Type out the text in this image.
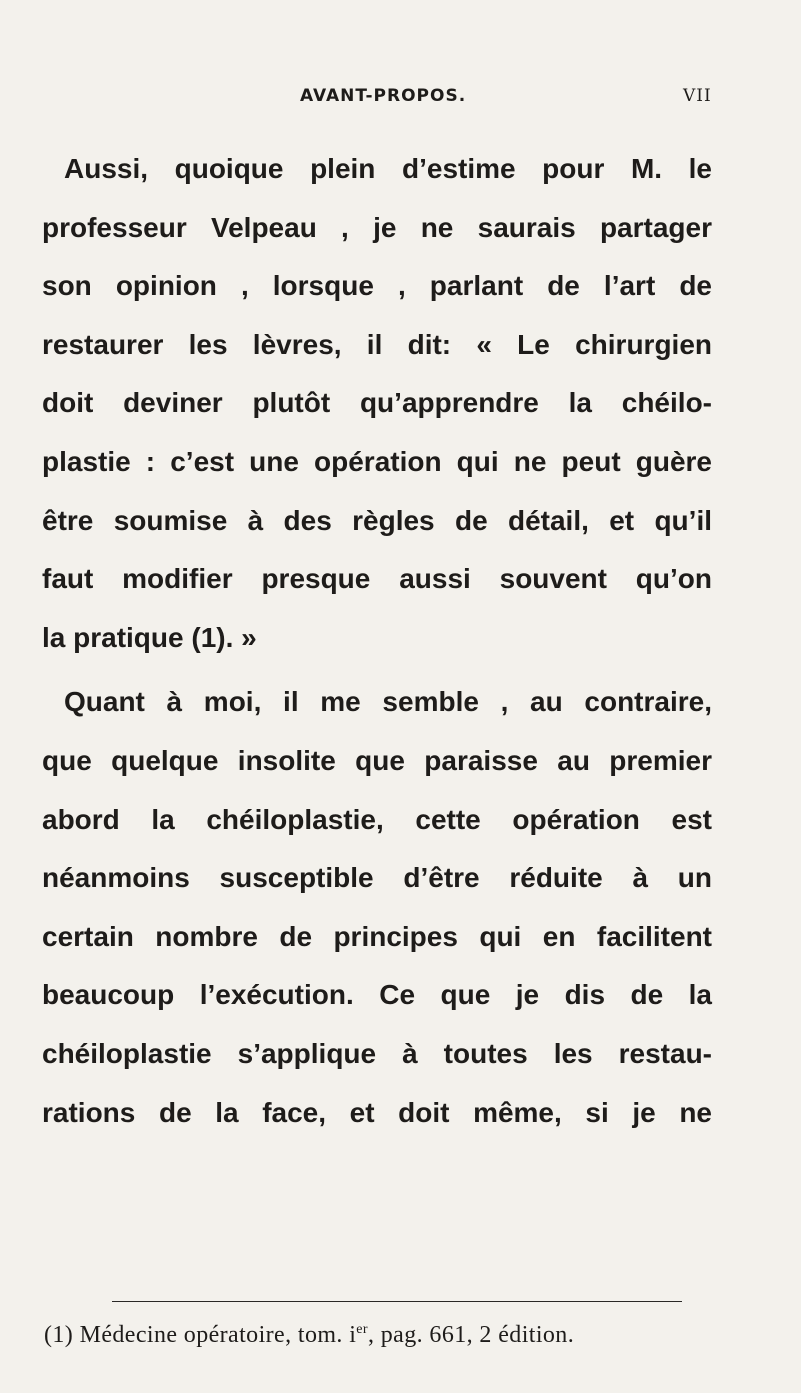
AVANT-PROPOS.	VII
Aussi, quoique plein d’estime pour M. le
professeur Velpeau , je ne saurais partager
son opinion , lorsque , parlant de l’art de
restaurer les lèvres, il dit: « Le chirurgien
doit deviner plutôt qu’apprendre la chéilo-
plastie : c’est une opération qui ne peut guère
être soumise à des règles de détail, et qu’il
faut modifier presque aussi souvent qu’on
la pratique (1). »
Quant à moi, il me semble , au contraire,
que quelque insolite que paraisse au premier
abord la chéiloplastie, cette opération est
néanmoins susceptible d’être réduite à un
certain nombre de principes qui en facilitent
beaucoup l’exécution. Ce que je dis de la
chéiloplastie s’applique à toutes les restau-
rations de la face, et doit même, si je ne
(1) Médecine opératoire, tom. $i^{er}$, pag. 661, 2 édition.
